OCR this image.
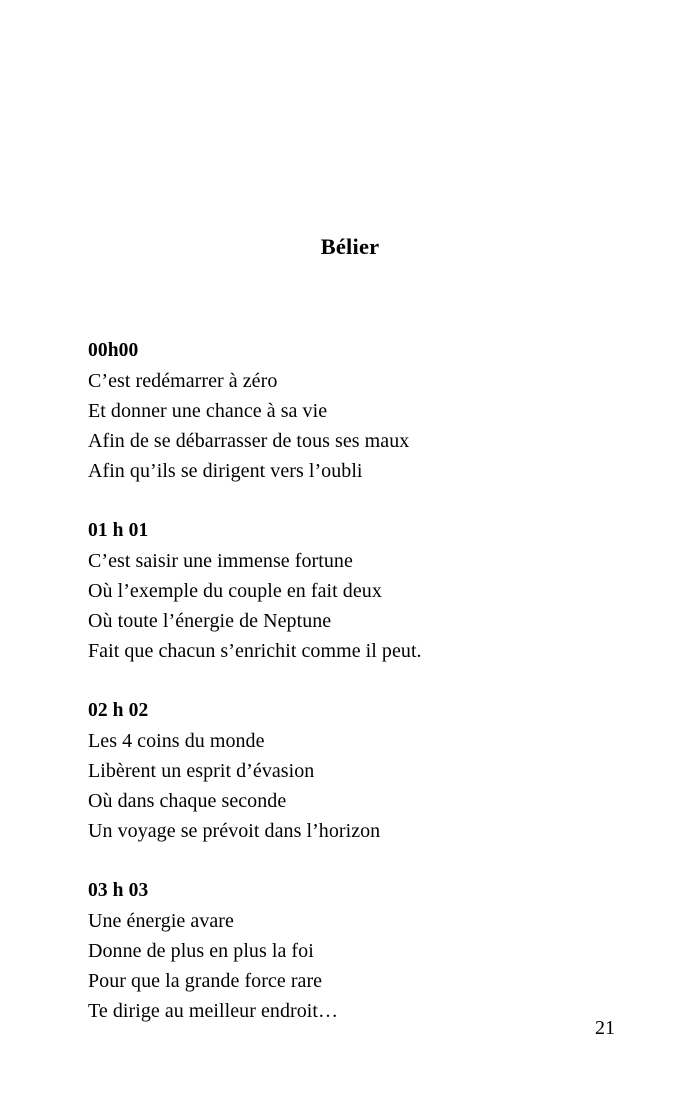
Bélier
00h00
C’est redémarrer à zéro
Et donner une chance à sa vie
Afin de se débarrasser de tous ses maux
Afin qu’ils se dirigent vers l’oubli
01 h 01
C’est saisir une immense fortune
Où l’exemple du couple en fait deux
Où toute l’énergie de Neptune
Fait que chacun s’enrichit comme il peut.
02 h 02
Les 4 coins du monde
Libèrent un esprit d’évasion
Où dans chaque seconde
Un voyage se prévoit dans l’horizon
03 h 03
Une énergie avare
Donne de plus en plus la foi
Pour que la grande force rare
Te dirige au meilleur endroit…
21
